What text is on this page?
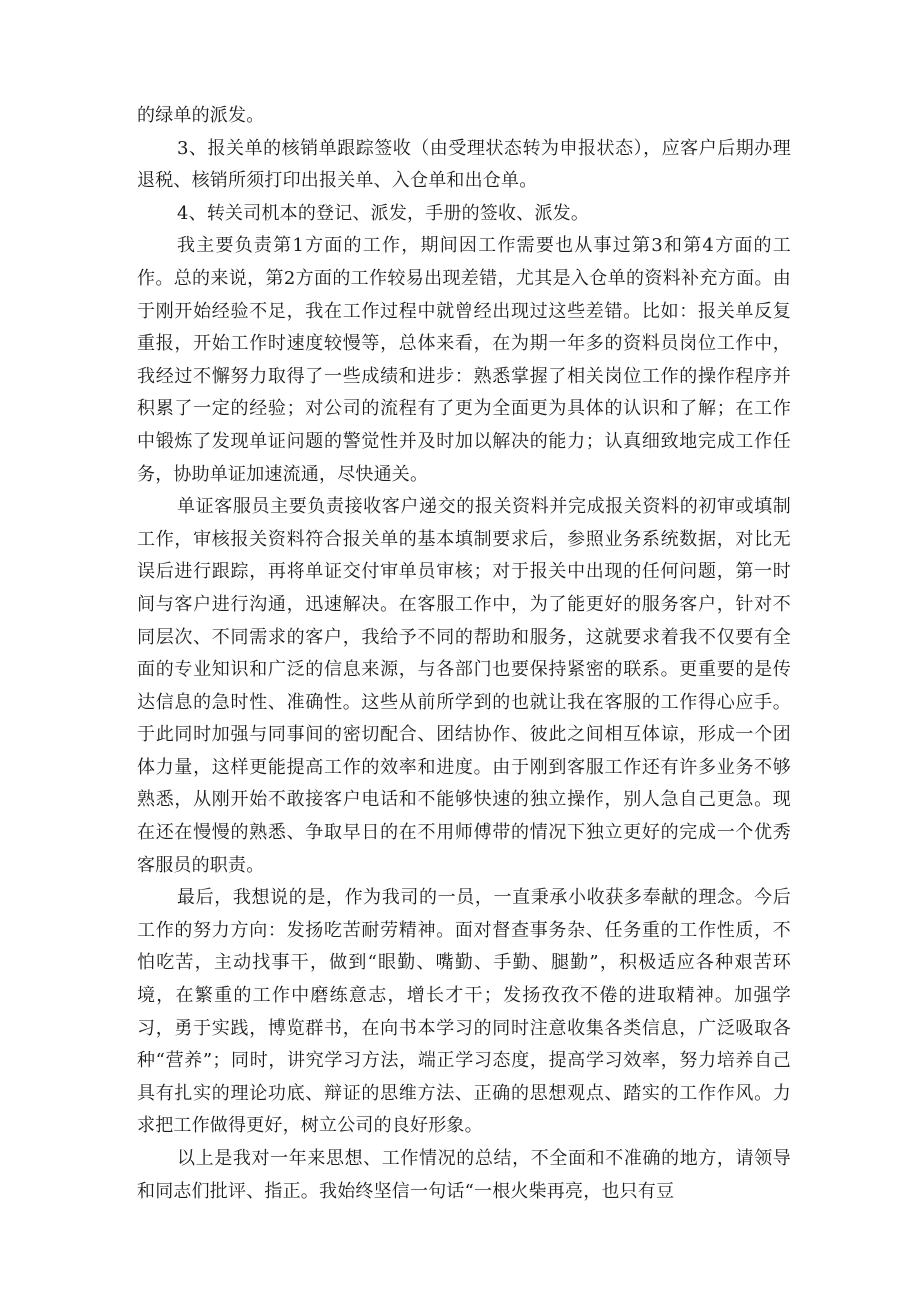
的绿单的派发。

3、报关单的核销单跟踪签收（由受理状态转为申报状态），应客户后期办理退税、核销所须打印出报关单、入仓单和出仓单。

4、转关司机本的登记、派发，手册的签收、派发。

我主要负责第1方面的工作，期间因工作需要也从事过第3和第4方面的工作。总的来说，第2方面的工作较易出现差错，尤其是入仓单的资料补充方面。由于刚开始经验不足，我在工作过程中就曾经出现过这些差错。比如：报关单反复重报，开始工作时速度较慢等，总体来看，在为期一年多的资料员岗位工作中，我经过不懈努力取得了一些成绩和进步：熟悉掌握了相关岗位工作的操作程序并积累了一定的经验；对公司的流程有了更为全面更为具体的认识和了解；在工作中锻炼了发现单证问题的警觉性并及时加以解决的能力；认真细致地完成工作任务，协助单证加速流通，尽快通关。

单证客服员主要负责接收客户递交的报关资料并完成报关资料的初审或填制工作，审核报关资料符合报关单的基本填制要求后，参照业务系统数据，对比无误后进行跟踪，再将单证交付审单员审核；对于报关中出现的任何问题，第一时间与客户进行沟通，迅速解决。在客服工作中，为了能更好的服务客户，针对不同层次、不同需求的客户，我给予不同的帮助和服务，这就要求着我不仅要有全面的专业知识和广泛的信息来源，与各部门也要保持紧密的联系。更重要的是传达信息的急时性、准确性。这些从前所学到的也就让我在客服的工作得心应手。于此同时加强与同事间的密切配合、团结协作、彼此之间相互体谅，形成一个团体力量，这样更能提高工作的效率和进度。由于刚到客服工作还有许多业务不够熟悉，从刚开始不敢接客户电话和不能够快速的独立操作，别人急自己更急。现在还在慢慢的熟悉、争取早日的在不用师傅带的情况下独立更好的完成一个优秀客服员的职责。

最后，我想说的是，作为我司的一员，一直秉承小收获多奉献的理念。今后工作的努力方向：发扬吃苦耐劳精神。面对督查事务杂、任务重的工作性质，不怕吃苦，主动找事干，做到“眼勤、嘴勤、手勤、腿勤”，积极适应各种艰苦环境，在繁重的工作中磨练意志，增长才干；发扬孜孜不倦的进取精神。加强学习，勇于实践，博览群书，在向书本学习的同时注意收集各类信息，广泛吸取各种“营养”；同时，讲究学习方法，端正学习态度，提高学习效率，努力培养自己具有扎实的理论功底、辩证的思维方法、正确的思想观点、踏实的工作作风。力求把工作做得更好，树立公司的良好形象。

以上是我对一年来思想、工作情况的总结，不全面和不准确的地方，请领导和同志们批评、指正。我始终坚信一句话“一根火柴再亮，也只有豆
